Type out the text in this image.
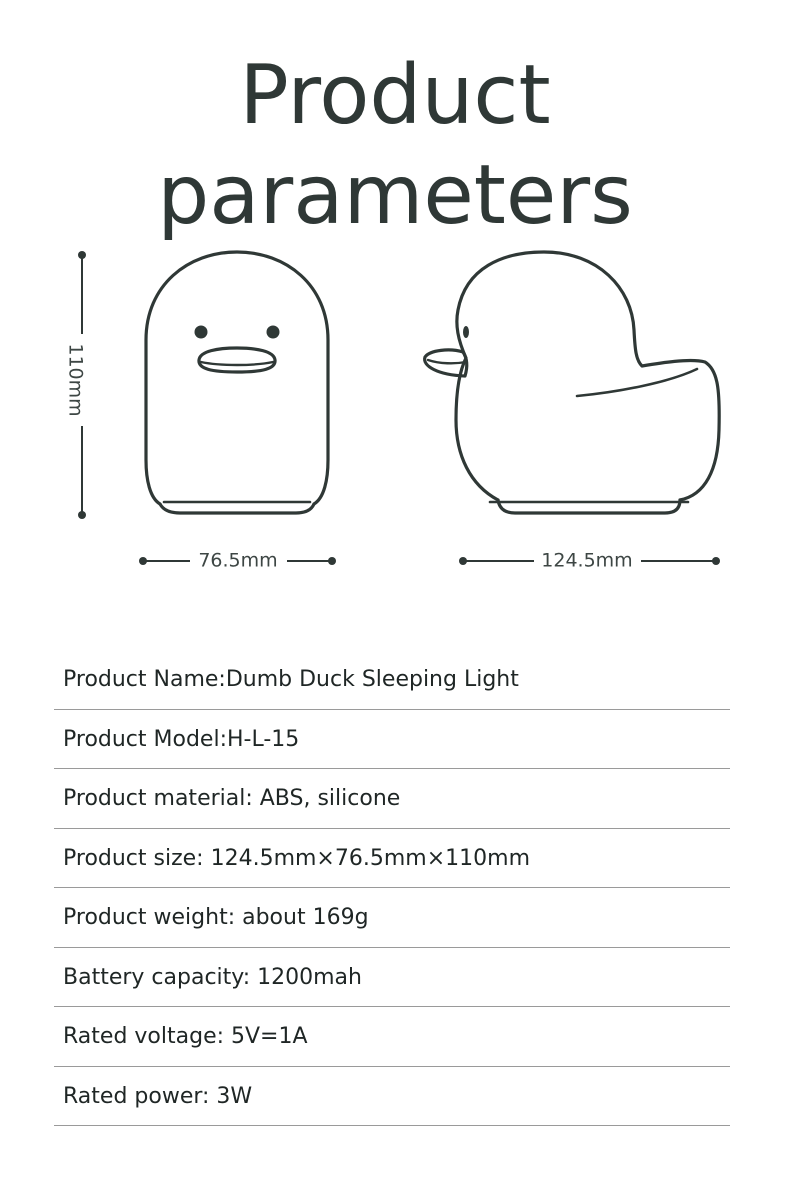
Product parameters
110mm
76.5mm	124.5mm
Product Name:Dumb Duck Sleeping Light
Product Model:H-L-15
Product material: ABS, silicone
Product size: 124.5mm×76.5mm×110mm
Product weight: about 169g
Battery capacity: 1200mah
Rated voltage: 5V=1A
Rated power: 3W
